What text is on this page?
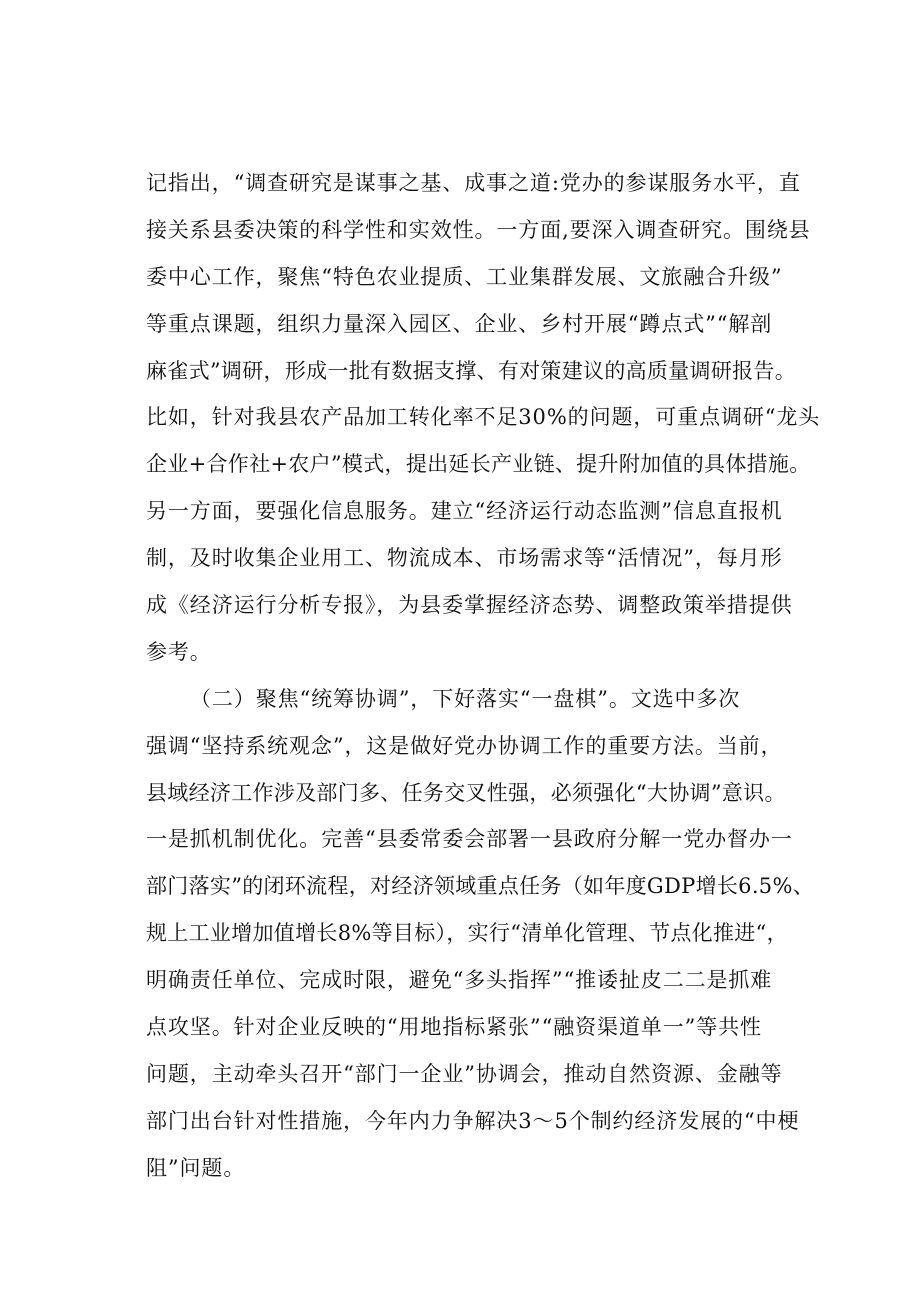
记指出，“调查研究是谋事之基、成事之道:党办的参谋服务水平，直
接关系县委决策的科学性和实效性。一方面,要深入调查研究。围绕县
委中心工作，聚焦“特色农业提质、工业集群发展、文旅融合升级”
等重点课题，组织力量深入园区、企业、乡村开展“蹲点式”“解剖
麻雀式”调研，形成一批有数据支撑、有对策建议的高质量调研报告。
比如，针对我县农产品加工转化率不足30%的问题，可重点调研“龙头
企业+合作社+农户”模式，提出延长产业链、提升附加值的具体措施。
另一方面，要强化信息服务。建立“经济运行动态监测”信息直报机
制，及时收集企业用工、物流成本、市场需求等“活情况”，每月形
成《经济运行分析专报》，为县委掌握经济态势、调整政策举措提供
参考。
（二）聚焦“统筹协调”，下好落实“一盘棋”。文选中多次
强调“坚持系统观念”，这是做好党办协调工作的重要方法。当前，
县域经济工作涉及部门多、任务交叉性强，必须强化“大协调”意识。
一是抓机制优化。完善“县委常委会部署一县政府分解一党办督办一
部门落实”的闭环流程，对经济领域重点任务（如年度GDP增长6.5%、
规上工业增加值增长8%等目标），实行“清单化管理、节点化推进“，
明确责任单位、完成时限，避免“多头指挥”“推诿扯皮二二是抓难
点攻坚。针对企业反映的“用地指标紧张”“融资渠道单一”等共性
问题，主动牵头召开“部门一企业”协调会，推动自然资源、金融等
部门出台针对性措施，今年内力争解决3～5个制约经济发展的“中梗
阻”问题。
